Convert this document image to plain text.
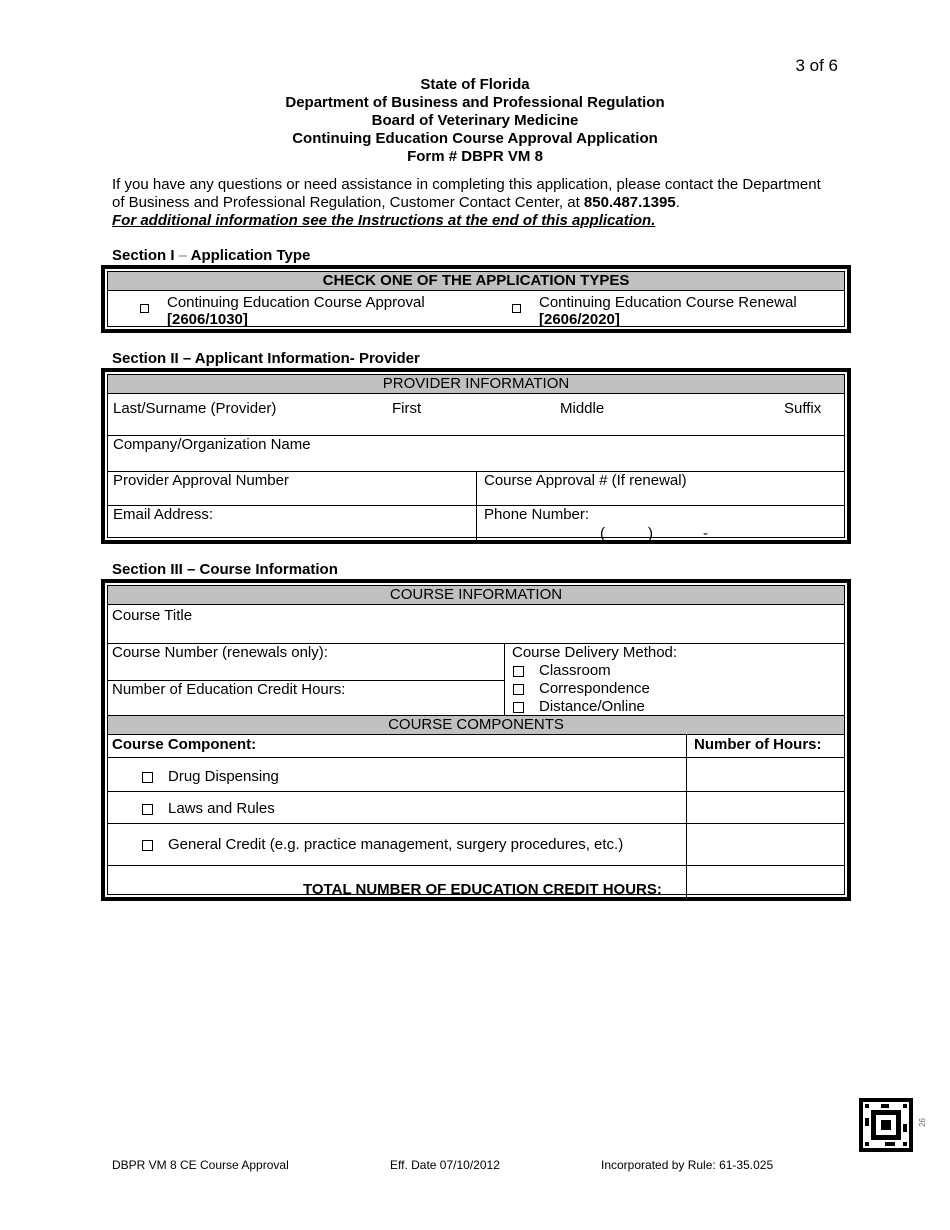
3 of 6
State of Florida
Department of Business and Professional Regulation
Board of Veterinary Medicine
Continuing Education Course Approval Application
Form # DBPR VM 8
If you have any questions or need assistance in completing this application, please contact the Department of Business and Professional Regulation, Customer Contact Center, at 850.487.1395.
For additional information see the Instructions at the end of this application.
Section I – Application Type
CHECK ONE OF THE APPLICATION TYPES
Continuing Education Course Approval
[2606/1030]
Continuing Education Course Renewal
[2606/2020]
Section II – Applicant Information- Provider
PROVIDER INFORMATION
Last/Surname (Provider)	First	Middle	Suffix
Company/Organization Name
Provider Approval Number	Course Approval # (If renewal)
Email Address:	Phone Number:
(	)	-
Section III – Course Information
COURSE INFORMATION
Course Title
Course Number (renewals only):
Number of Education Credit Hours:
Course Delivery Method:
Classroom
Correspondence
Distance/Online
COURSE COMPONENTS
Course Component:	Number of Hours:
Drug Dispensing
Laws and Rules
General Credit (e.g. practice management, surgery procedures, etc.)
TOTAL NUMBER OF EDUCATION CREDIT HOURS:
DBPR VM 8 CE Course Approval	Eff. Date 07/10/2012	Incorporated by Rule: 61-35.025
26
